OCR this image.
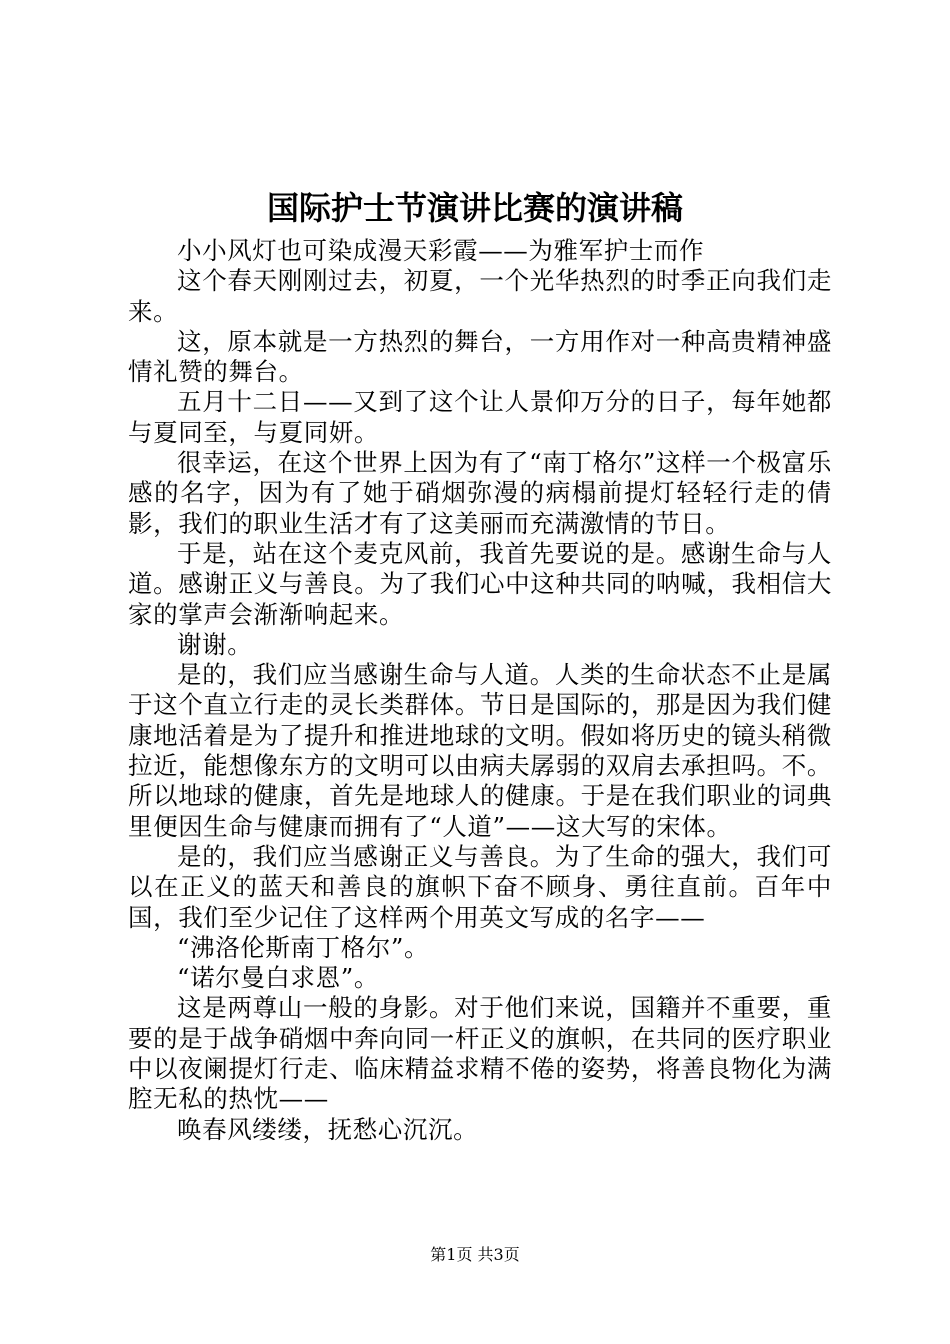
国际护士节演讲比赛的演讲稿

小小风灯也可染成漫天彩霞——为雅军护士而作

这个春天刚刚过去，初夏，一个光华热烈的时季正向我们走来。

这，原本就是一方热烈的舞台，一方用作对一种高贵精神盛情礼赞的舞台。

五月十二日——又到了这个让人景仰万分的日子，每年她都与夏同至，与夏同妍。

很幸运，在这个世界上因为有了“南丁格尔”这样一个极富乐感的名字，因为有了她于硝烟弥漫的病榻前提灯轻轻行走的倩影，我们的职业生活才有了这美丽而充满激情的节日。

于是，站在这个麦克风前，我首先要说的是。感谢生命与人道。感谢正义与善良。为了我们心中这种共同的呐喊，我相信大家的掌声会渐渐响起来。

谢谢。

是的，我们应当感谢生命与人道。人类的生命状态不止是属于这个直立行走的灵长类群体。节日是国际的，那是因为我们健康地活着是为了提升和推进地球的文明。假如将历史的镜头稍微拉近，能想像东方的文明可以由病夫孱弱的双肩去承担吗。不。所以地球的健康，首先是地球人的健康。于是在我们职业的词典里便因生命与健康而拥有了“人道”——这大写的宋体。

是的，我们应当感谢正义与善良。为了生命的强大，我们可以在正义的蓝天和善良的旗帜下奋不顾身、勇往直前。百年中国，我们至少记住了这样两个用英文写成的名字——

“沸洛伦斯南丁格尔”。

“诺尔曼白求恩”。

这是两尊山一般的身影。对于他们来说，国籍并不重要，重要的是于战争硝烟中奔向同一杆正义的旗帜，在共同的医疗职业中以夜阑提灯行走、临床精益求精不倦的姿势，将善良物化为满腔无私的热忱——

唤春风缕缕，抚愁心沉沉。

第1页 共3页
